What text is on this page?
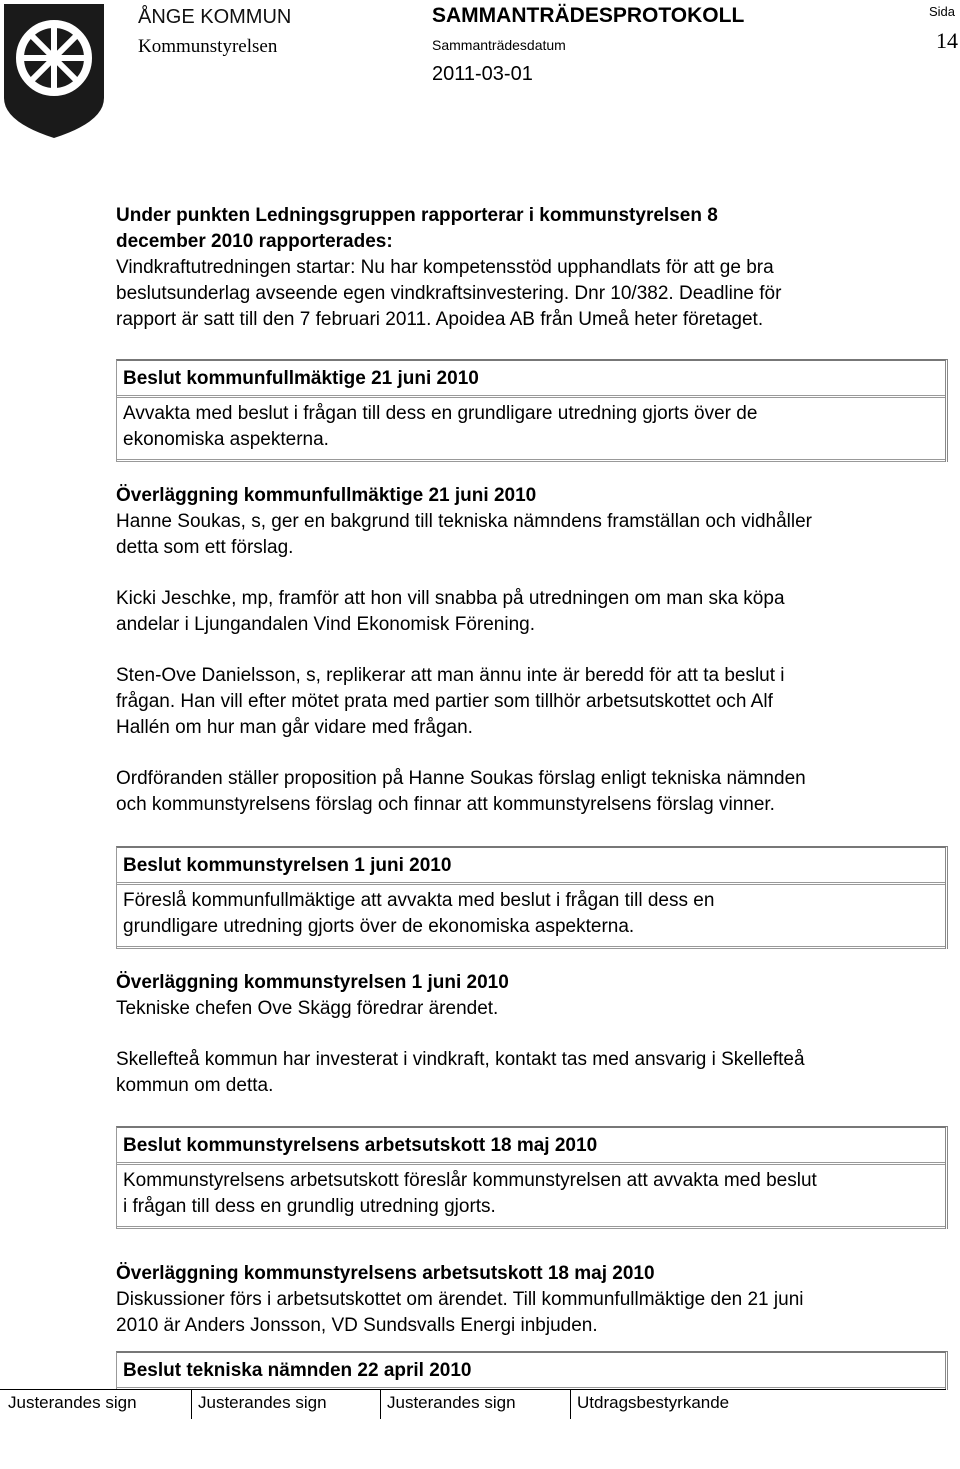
ÅNGE KOMMUN
Kommunstyrelsen
SAMMANTRÄDESPROTOKOLL
Sammanträdesdatum
2011-03-01
Sida
14
Under punkten Ledningsgruppen rapporterar i kommunstyrelsen 8
december 2010 rapporterades:
Vindkraftutredningen startar: Nu har kompetensstöd upphandlats för att ge bra
beslutsunderlag avseende egen vindkraftsinvestering. Dnr 10/382. Deadline för
rapport är satt till den 7 februari 2011. Apoidea AB från Umeå heter företaget.
Beslut kommunfullmäktige 21 juni 2010
Avvakta med beslut i frågan till dess en grundligare utredning gjorts över de
ekonomiska aspekterna.
Överläggning kommunfullmäktige 21 juni 2010
Hanne Soukas, s, ger en bakgrund till tekniska nämndens framställan och vidhåller
detta som ett förslag.
Kicki Jeschke, mp, framför att hon vill snabba på utredningen om man ska köpa
andelar i Ljungandalen Vind Ekonomisk Förening.
Sten-Ove Danielsson, s, replikerar att man ännu inte är beredd för att ta beslut i
frågan. Han vill efter mötet prata med partier som tillhör arbetsutskottet och Alf
Hallén om hur man går vidare med frågan.
Ordföranden ställer proposition på Hanne Soukas förslag enligt tekniska nämnden
och kommunstyrelsens förslag och finnar att kommunstyrelsens förslag vinner.
Beslut kommunstyrelsen 1 juni 2010
Föreslå kommunfullmäktige att avvakta med beslut i frågan till dess en
grundligare utredning gjorts över de ekonomiska aspekterna.
Överläggning kommunstyrelsen 1 juni 2010
Tekniske chefen Ove Skägg föredrar ärendet.
Skellefteå kommun har investerat i vindkraft, kontakt tas med ansvarig i Skellefteå
kommun om detta.
Beslut kommunstyrelsens arbetsutskott 18 maj 2010
Kommunstyrelsens arbetsutskott föreslår kommunstyrelsen att avvakta med beslut
i frågan till dess en grundlig utredning gjorts.
Överläggning kommunstyrelsens arbetsutskott 18 maj 2010
Diskussioner förs i arbetsutskottet om ärendet. Till kommunfullmäktige den 21 juni
2010 är Anders Jonsson, VD Sundsvalls Energi inbjuden.
Beslut tekniska nämnden 22 april 2010
Justerandes sign	Justerandes sign	Justerandes sign	Utdragsbestyrkande
